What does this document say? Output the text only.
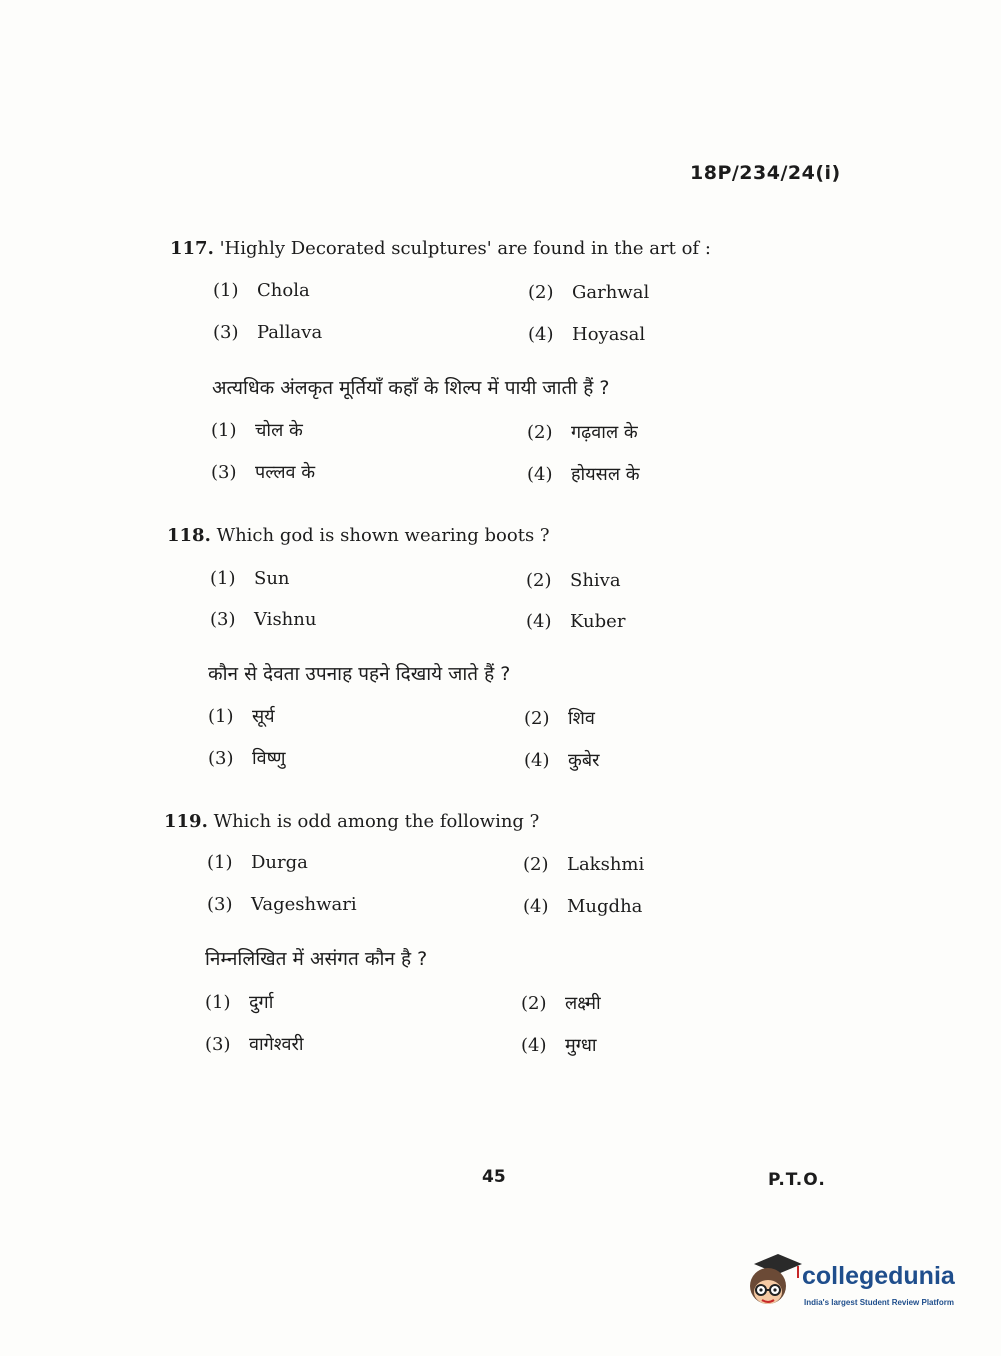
18P/234/24(i)
117. 'Highly Decorated sculptures' are found in the art of :
(1) Chola	(2) Garhwal
(3) Pallava	(4) Hoyasal
अत्यधिक अंलकृत मूर्तियाँ कहाँ के शिल्प में पायी जाती हैं ?
(1) चोल के	(2) गढ़वाल के
(3) पल्लव के	(4) होयसल के
118. Which god is shown wearing boots ?
(1) Sun	(2) Shiva
(3) Vishnu	(4) Kuber
कौन से देवता उपनाह पहने दिखाये जाते हैं ?
(1) सूर्य	(2) शिव
(3) विष्णु	(4) कुबेर
119. Which is odd among the following ?
(1) Durga	(2) Lakshmi
(3) Vageshwari	(4) Mugdha
निम्नलिखित में असंगत कौन है ?
(1) दुर्गा	(2) लक्ष्मी
(3) वागेश्वरी	(4) मुग्धा
45	P.T.O.
collegedunia
India's largest Student Review Platform
